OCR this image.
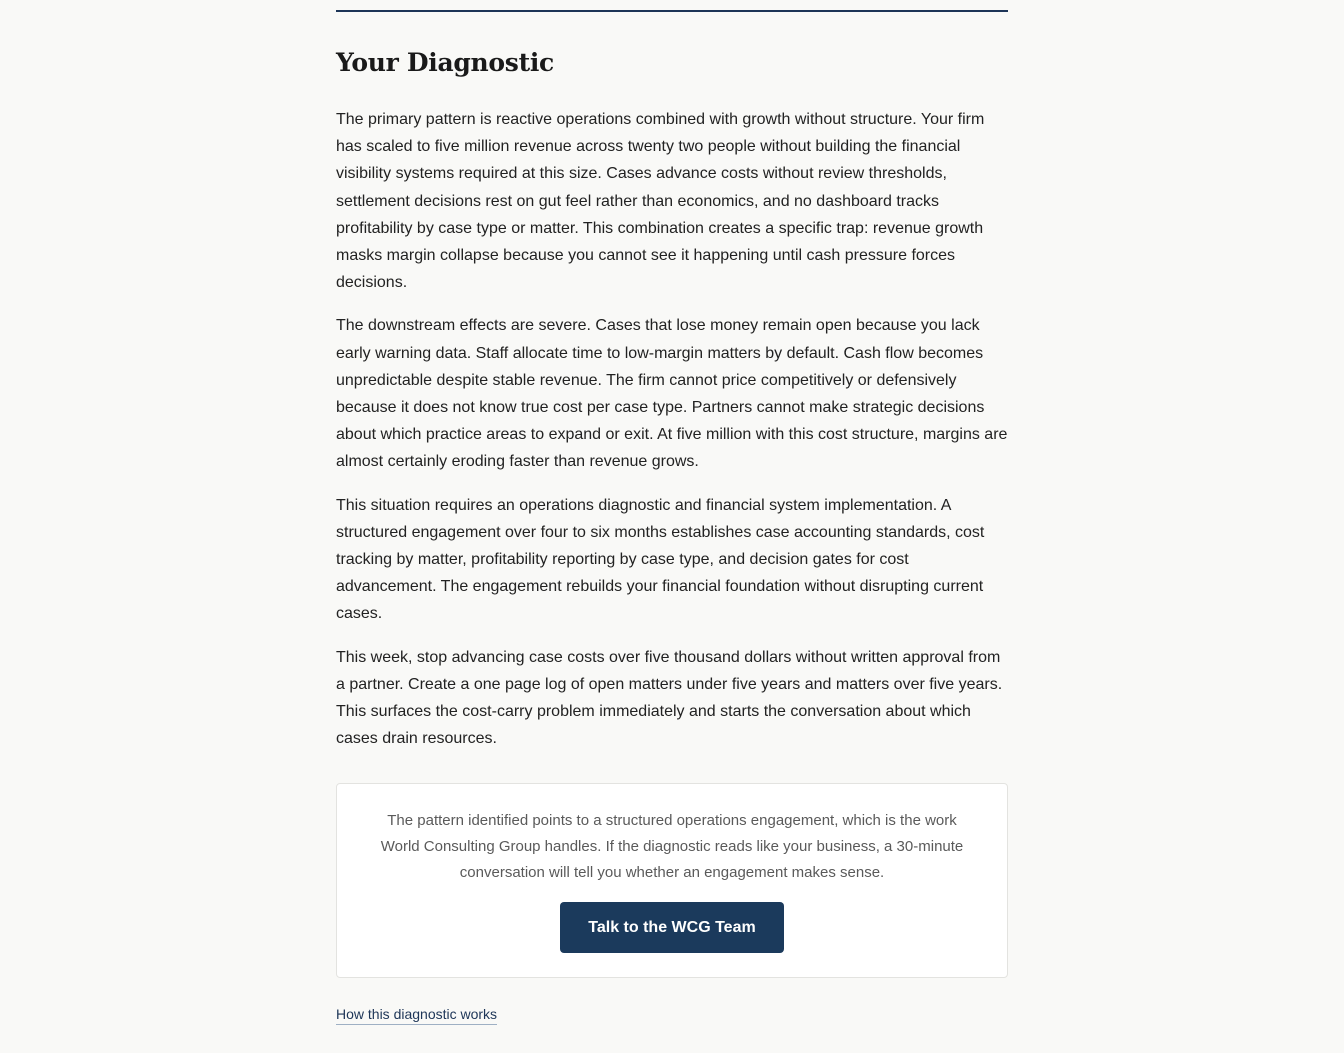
Your Diagnostic

The primary pattern is reactive operations combined with growth without structure. Your firm has scaled to five million revenue across twenty two people without building the financial visibility systems required at this size. Cases advance costs without review thresholds, settlement decisions rest on gut feel rather than economics, and no dashboard tracks profitability by case type or matter. This combination creates a specific trap: revenue growth masks margin collapse because you cannot see it happening until cash pressure forces decisions.

The downstream effects are severe. Cases that lose money remain open because you lack early warning data. Staff allocate time to low-margin matters by default. Cash flow becomes unpredictable despite stable revenue. The firm cannot price competitively or defensively because it does not know true cost per case type. Partners cannot make strategic decisions about which practice areas to expand or exit. At five million with this cost structure, margins are almost certainly eroding faster than revenue grows.

This situation requires an operations diagnostic and financial system implementation. A structured engagement over four to six months establishes case accounting standards, cost tracking by matter, profitability reporting by case type, and decision gates for cost advancement. The engagement rebuilds your financial foundation without disrupting current cases.

This week, stop advancing case costs over five thousand dollars without written approval from a partner. Create a one page log of open matters under five years and matters over five years. This surfaces the cost-carry problem immediately and starts the conversation about which cases drain resources.

The pattern identified points to a structured operations engagement, which is the work World Consulting Group handles. If the diagnostic reads like your business, a 30-minute conversation will tell you whether an engagement makes sense.

Talk to the WCG Team
How this diagnostic works
